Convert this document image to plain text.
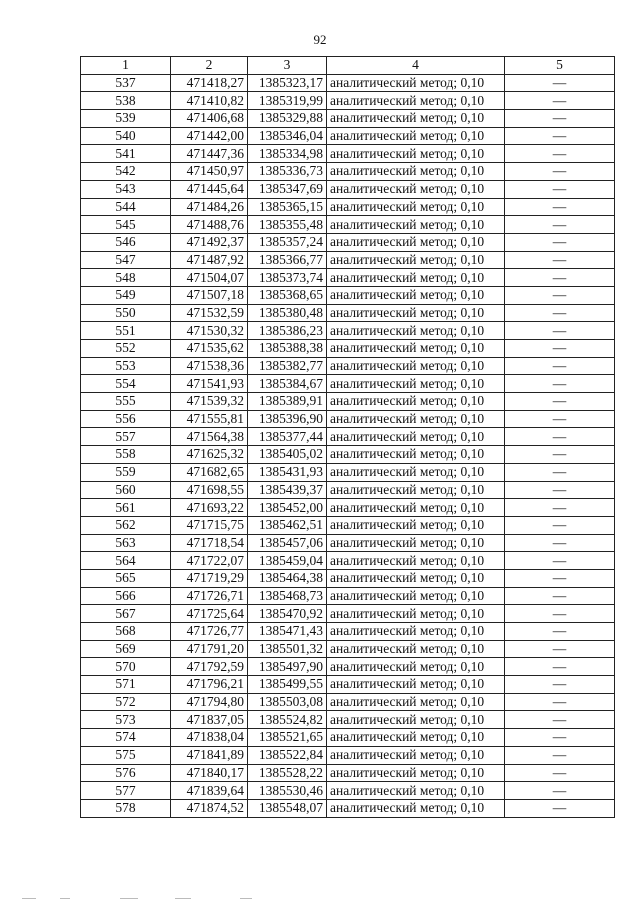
92
1	2	3	4	5
537	471418,27	1385323,17	аналитический метод; 0,10	—
538	471410,82	1385319,99	аналитический метод; 0,10	—
539	471406,68	1385329,88	аналитический метод; 0,10	—
540	471442,00	1385346,04	аналитический метод; 0,10	—
541	471447,36	1385334,98	аналитический метод; 0,10	—
542	471450,97	1385336,73	аналитический метод; 0,10	—
543	471445,64	1385347,69	аналитический метод; 0,10	—
544	471484,26	1385365,15	аналитический метод; 0,10	—
545	471488,76	1385355,48	аналитический метод; 0,10	—
546	471492,37	1385357,24	аналитический метод; 0,10	—
547	471487,92	1385366,77	аналитический метод; 0,10	—
548	471504,07	1385373,74	аналитический метод; 0,10	—
549	471507,18	1385368,65	аналитический метод; 0,10	—
550	471532,59	1385380,48	аналитический метод; 0,10	—
551	471530,32	1385386,23	аналитический метод; 0,10	—
552	471535,62	1385388,38	аналитический метод; 0,10	—
553	471538,36	1385382,77	аналитический метод; 0,10	—
554	471541,93	1385384,67	аналитический метод; 0,10	—
555	471539,32	1385389,91	аналитический метод; 0,10	—
556	471555,81	1385396,90	аналитический метод; 0,10	—
557	471564,38	1385377,44	аналитический метод; 0,10	—
558	471625,32	1385405,02	аналитический метод; 0,10	—
559	471682,65	1385431,93	аналитический метод; 0,10	—
560	471698,55	1385439,37	аналитический метод; 0,10	—
561	471693,22	1385452,00	аналитический метод; 0,10	—
562	471715,75	1385462,51	аналитический метод; 0,10	—
563	471718,54	1385457,06	аналитический метод; 0,10	—
564	471722,07	1385459,04	аналитический метод; 0,10	—
565	471719,29	1385464,38	аналитический метод; 0,10	—
566	471726,71	1385468,73	аналитический метод; 0,10	—
567	471725,64	1385470,92	аналитический метод; 0,10	—
568	471726,77	1385471,43	аналитический метод; 0,10	—
569	471791,20	1385501,32	аналитический метод; 0,10	—
570	471792,59	1385497,90	аналитический метод; 0,10	—
571	471796,21	1385499,55	аналитический метод; 0,10	—
572	471794,80	1385503,08	аналитический метод; 0,10	—
573	471837,05	1385524,82	аналитический метод; 0,10	—
574	471838,04	1385521,65	аналитический метод; 0,10	—
575	471841,89	1385522,84	аналитический метод; 0,10	—
576	471840,17	1385528,22	аналитический метод; 0,10	—
577	471839,64	1385530,46	аналитический метод; 0,10	—
578	471874,52	1385548,07	аналитический метод; 0,10	—
